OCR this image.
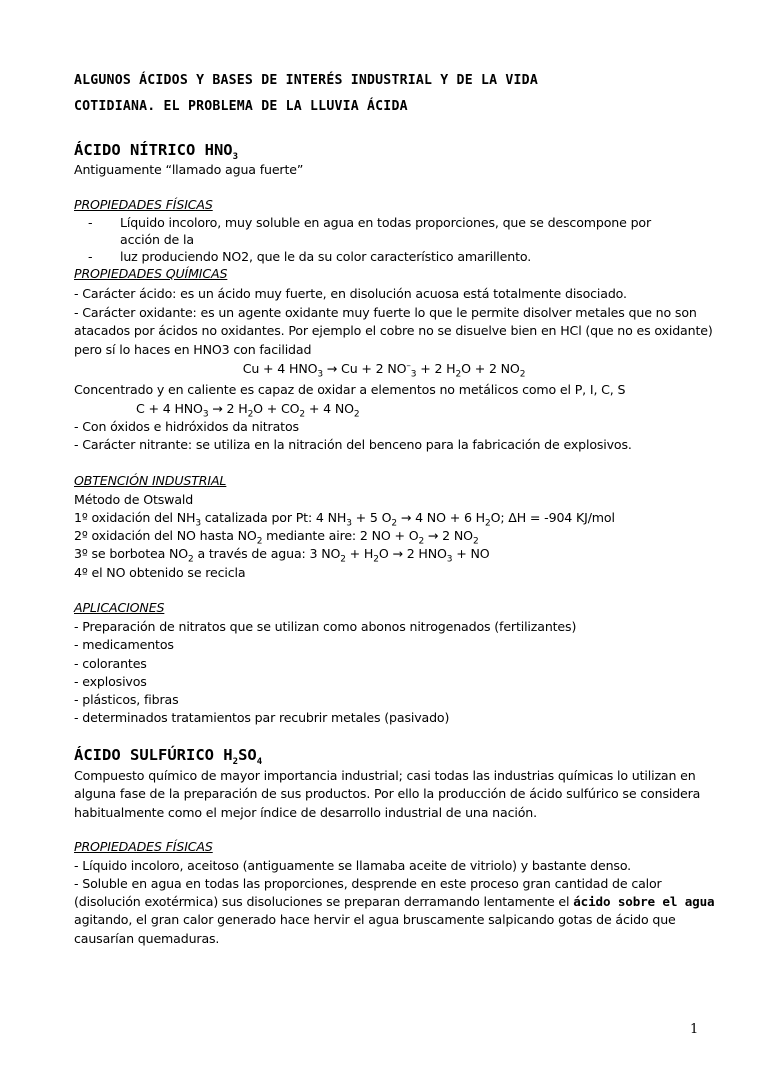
ALGUNOS ÁCIDOS Y BASES DE INTERÉS INDUSTRIAL Y DE LA VIDA
COTIDIANA. EL PROBLEMA DE LA LLUVIA ÁCIDA
ÁCIDO NÍTRICO $HNO_3$
Antiguamente “llamado agua fuerte”
PROPIEDADES FÍSICAS
-	Líquido incoloro, muy soluble en agua en todas proporciones, que se descompone por acción de la
luz produciendo NO2, que le da su color característico amarillento.
-
PROPIEDADES QUÍMICAS
- Carácter ácido: es un ácido muy fuerte, en disolución acuosa está totalmente disociado.
- Carácter oxidante: es un agente oxidante muy fuerte lo que le permite disolver metales que no son
atacados por ácidos no oxidantes. Por ejemplo el cobre no se disuelve bien en HCl (que no es oxidante)
pero sí lo haces en HNO3 con facilidad
Cu + 4 $HNO_3 \to Cu + 2$ $NO^-_3 + 2$ $H_2O + 2$ $NO_2$
Concentrado y en caliente es capaz de oxidar a elementos no metálicos como el P, I, C, S
C + 4 $HNO_3 \to 2$ $H_2O + CO_2 + 4$ $NO_2$
- Con óxidos e hidróxidos da nitratos
- Carácter nitrante: se utiliza en la nitración del benceno para la fabricación de explosivos.
OBTENCIÓN INDUSTRIAL
Método de Otswald
1º oxidación del $NH_3$ catalizada por Pt: 4 $NH_3 + 5$ $O_2 \to 4$ NO + 6 $H_2O$; ΔH = -904 KJ/mol
2º oxidación del NO hasta $NO_2$ mediante aire: 2 NO + $O_2 \to 2$ $NO_2$
3º se borbotea $NO_2$ a través de agua: 3 $NO_2 + H_2O \to 2$ $HNO_3$ + NO
4º el NO obtenido se recicla
APLICACIONES
- Preparación de nitratos que se utilizan como abonos nitrogenados (fertilizantes)
- medicamentos
- colorantes
- explosivos
- plásticos, fibras
- determinados tratamientos par recubrir metales (pasivado)
ÁCIDO SULFÚRICO $H_2SO_4$
Compuesto químico de mayor importancia industrial; casi todas las industrias químicas lo utilizan en
alguna fase de la preparación de sus productos. Por ello la producción de ácido sulfúrico se considera
habitualmente como el mejor índice de desarrollo industrial de una nación.
PROPIEDADES FÍSICAS
- Líquido incoloro, aceitoso (antiguamente se llamaba aceite de vitriolo) y bastante denso.
- Soluble en agua en todas las proporciones, desprende en este proceso gran cantidad de calor
(disolución exotérmica) sus disoluciones se preparan derramando lentamente el ácido sobre el agua
agitando, el gran calor generado hace hervir el agua bruscamente salpicando gotas de ácido que
causarían quemaduras.
1
